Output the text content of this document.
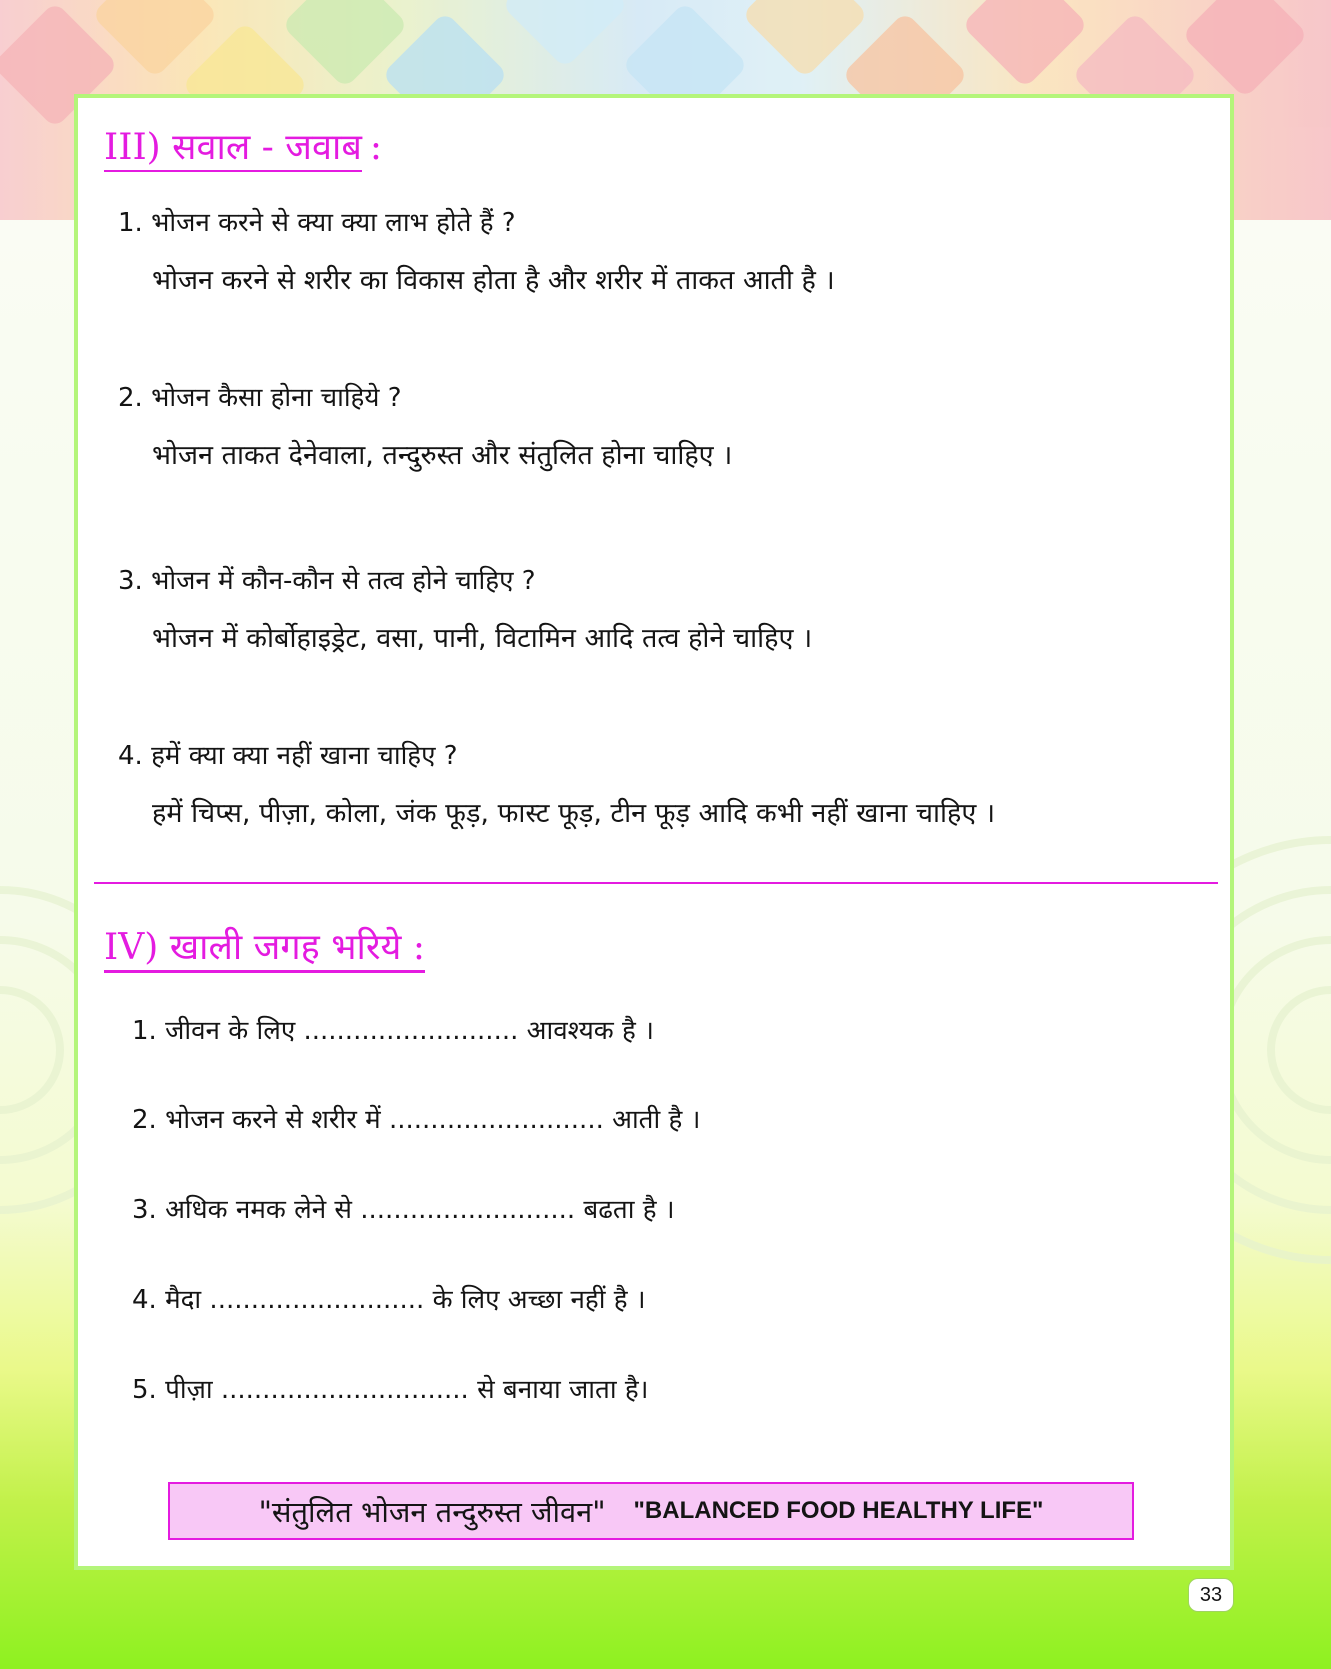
III) सवाल - जवाब :
1. भोजन करने से क्या क्या लाभ होते हैं ?
भोजन करने से शरीर का विकास होता है और शरीर में ताकत आती है ।
2. भोजन कैसा होना चाहिये ?
भोजन ताकत देनेवाला, तन्दुरुस्त और संतुलित होना चाहिए ।
3. भोजन में कौन-कौन से तत्व होने चाहिए ?
भोजन में कोर्बोहाइड्रेट, वसा, पानी, विटामिन आदि तत्व होने चाहिए ।
4. हमें क्या क्या नहीं खाना चाहिए ?
हमें चिप्स, पीज़ा, कोला, जंक फूड़, फास्ट फूड़, टीन फूड़ आदि कभी नहीं खाना चाहिए ।
IV) खाली जगह भरिये :
1. जीवन के लिए .......................... आवश्यक है ।
2. भोजन करने से शरीर में .......................... आती है ।
3. अधिक नमक लेने से .......................... बढता है ।
4. मैदा .......................... के लिए अच्छा नहीं है ।
5. पीज़ा .............................. से बनाया जाता है।
"संतुलित भोजन तन्दुरुस्त जीवन" "BALANCED FOOD HEALTHY LIFE"
33
